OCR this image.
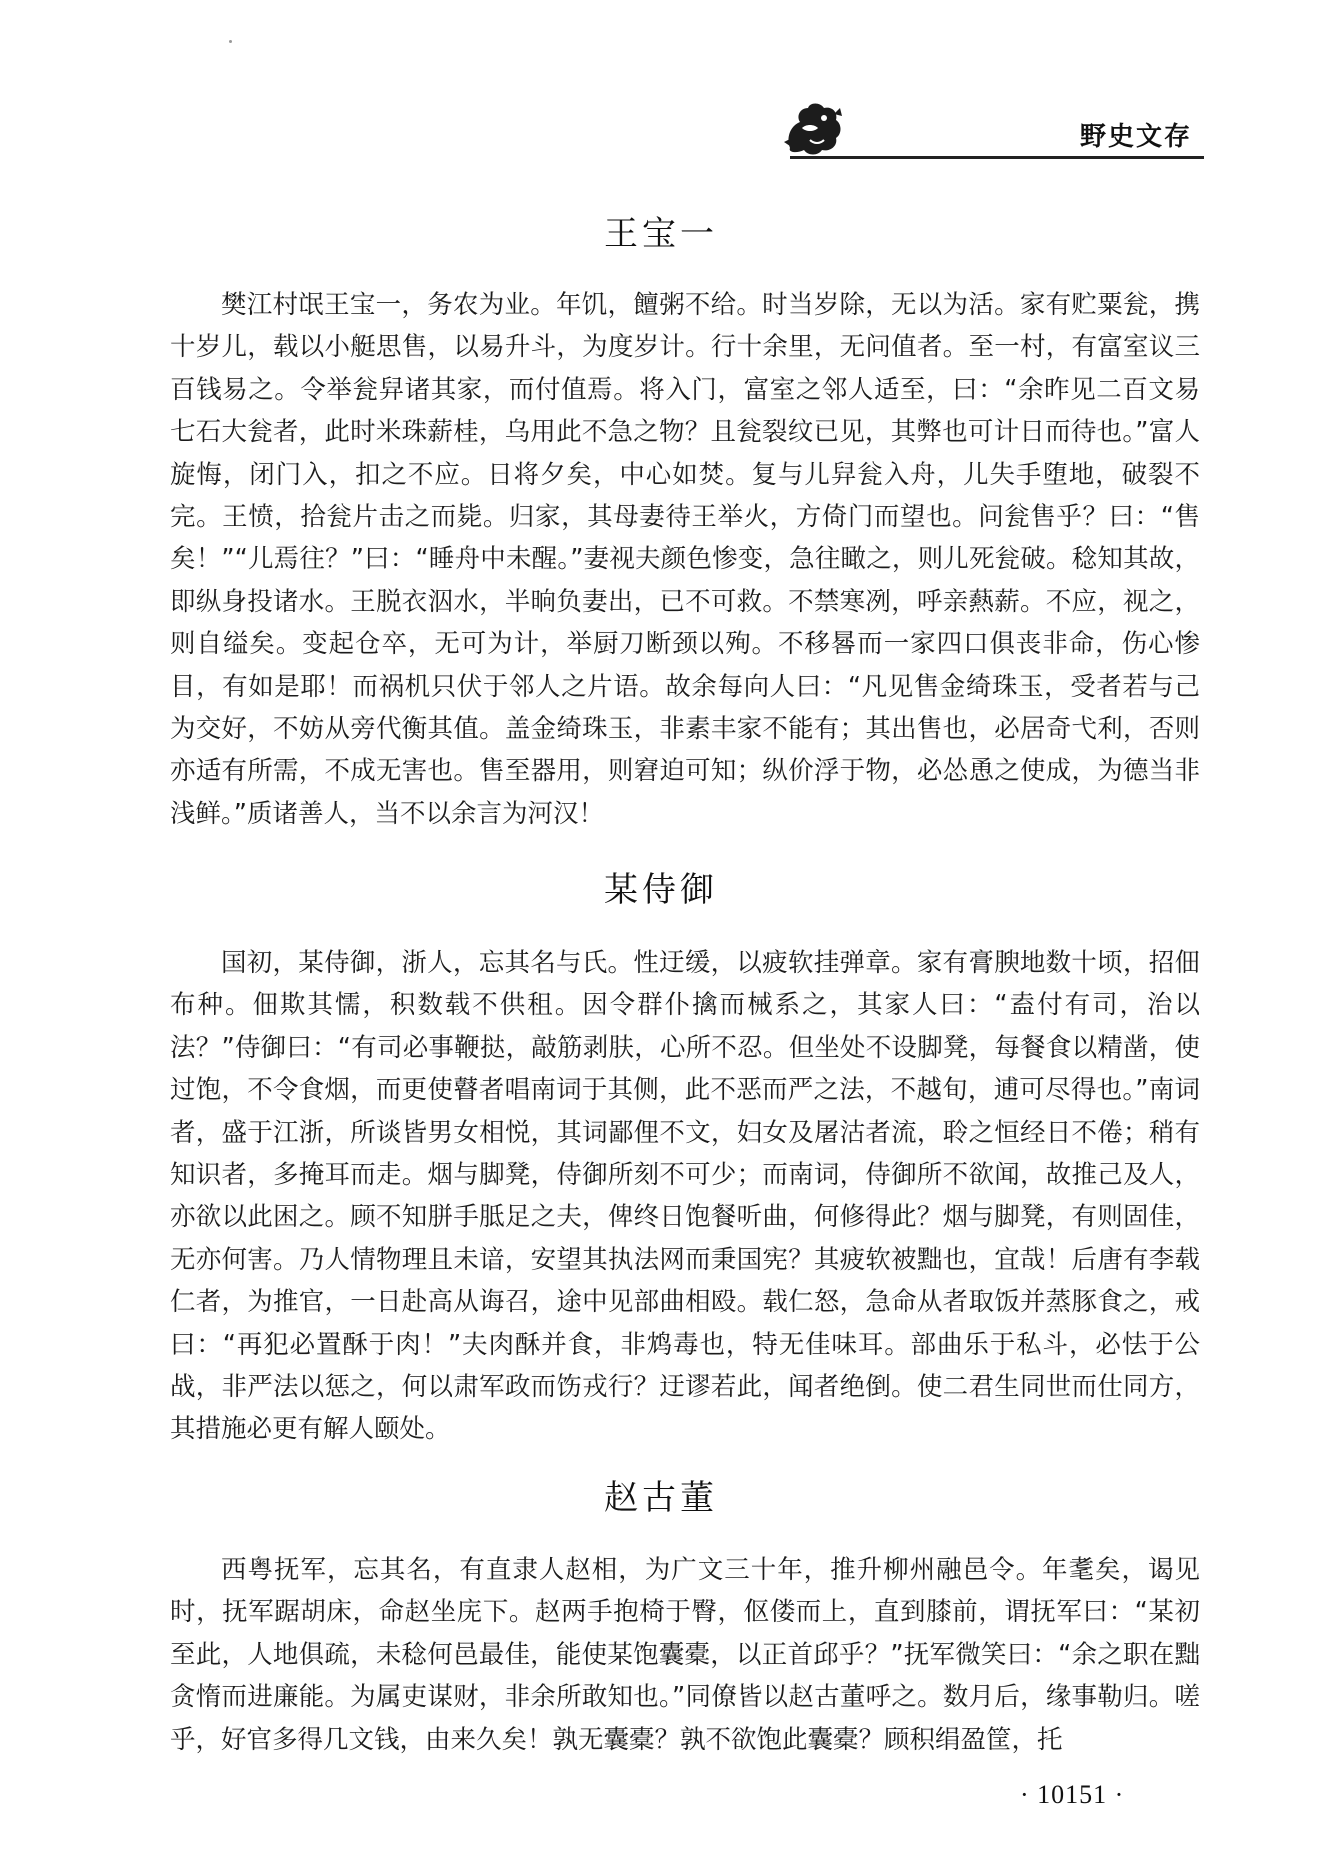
野史文存
王宝一

樊江村氓王宝一，务农为业。年饥，饘粥不给。时当岁除，无以为活。家有贮粟瓮，携十岁儿，载以小艇思售，以易升斗，为度岁计。行十余里，无问值者。至一村，有富室议三百钱易之。令举瓮舁诸其家，而付值焉。将入门，富室之邻人适至，曰：“余昨见二百文易七石大瓮者，此时米珠薪桂，乌用此不急之物？且瓮裂纹已见，其弊也可计日而待也。”富人旋悔，闭门入，扣之不应。日将夕矣，中心如焚。复与儿舁瓮入舟，儿失手堕地，破裂不完。王愤，拾瓮片击之而毙。归家，其母妻待王举火，方倚门而望也。问瓮售乎？曰：“售矣！”“儿焉往？”曰：“睡舟中未醒。”妻视夫颜色惨变，急往瞰之，则儿死瓮破。稔知其故，即纵身投诸水。王脱衣泅水，半晌负妻出，已不可救。不禁寒冽，呼亲爇薪。不应，视之，则自缢矣。变起仓卒，无可为计，举厨刀断颈以殉。不移晷而一家四口俱丧非命，伤心惨目，有如是耶！而祸机只伏于邻人之片语。故余每向人曰：“凡见售金绮珠玉，受者若与己为交好，不妨从旁代衡其值。盖金绮珠玉，非素丰家不能有；其出售也，必居奇弋利，否则亦适有所需，不成无害也。售至器用，则窘迫可知；纵价浮于物，必怂恿之使成，为德当非浅鲜。”质诸善人，当不以余言为河汉！

某侍御

国初，某侍御，浙人，忘其名与氏。性迂缓，以疲软挂弹章。家有膏腴地数十顷，招佃布种。佃欺其懦，积数载不供租。因令群仆擒而械系之，其家人曰：“盍付有司，治以法？”侍御曰：“有司必事鞭挞，敲筋剥肤，心所不忍。但坐处不设脚凳，每餐食以精凿，使过饱，不令食烟，而更使瞽者唱南词于其侧，此不恶而严之法，不越旬，逋可尽得也。”南词者，盛于江浙，所谈皆男女相悦，其词鄙俚不文，妇女及屠沽者流，聆之恒经日不倦；稍有知识者，多掩耳而走。烟与脚凳，侍御所刻不可少；而南词，侍御所不欲闻，故推己及人，亦欲以此困之。顾不知胼手胝足之夫，俾终日饱餐听曲，何修得此？烟与脚凳，有则固佳，无亦何害。乃人情物理且未谙，安望其执法网而秉国宪？其疲软被黜也，宜哉！后唐有李载仁者，为推官，一日赴高从诲召，途中见部曲相殴。载仁怒，急命从者取饭并蒸豚食之，戒曰：“再犯必置酥于肉！”夫肉酥并食，非鸩毒也，特无佳味耳。部曲乐于私斗，必怯于公战，非严法以惩之，何以肃军政而饬戎行？迂谬若此，闻者绝倒。使二君生同世而仕同方，其措施必更有解人颐处。

赵古董

西粤抚军，忘其名，有直隶人赵相，为广文三十年，推升柳州融邑令。年耄矣，谒见时，抚军踞胡床，命赵坐庑下。赵两手抱椅于臀，伛偻而上，直到膝前，谓抚军曰：“某初至此，人地俱疏，未稔何邑最佳，能使某饱囊橐，以正首邱乎？”抚军微笑曰：“余之职在黜贪惰而进廉能。为属吏谋财，非余所敢知也。”同僚皆以赵古董呼之。数月后，缘事勒归。嗟乎，好官多得几文钱，由来久矣！孰无囊橐？孰不欲饱此囊橐？顾积绢盈筐，托

· 10151 ·
